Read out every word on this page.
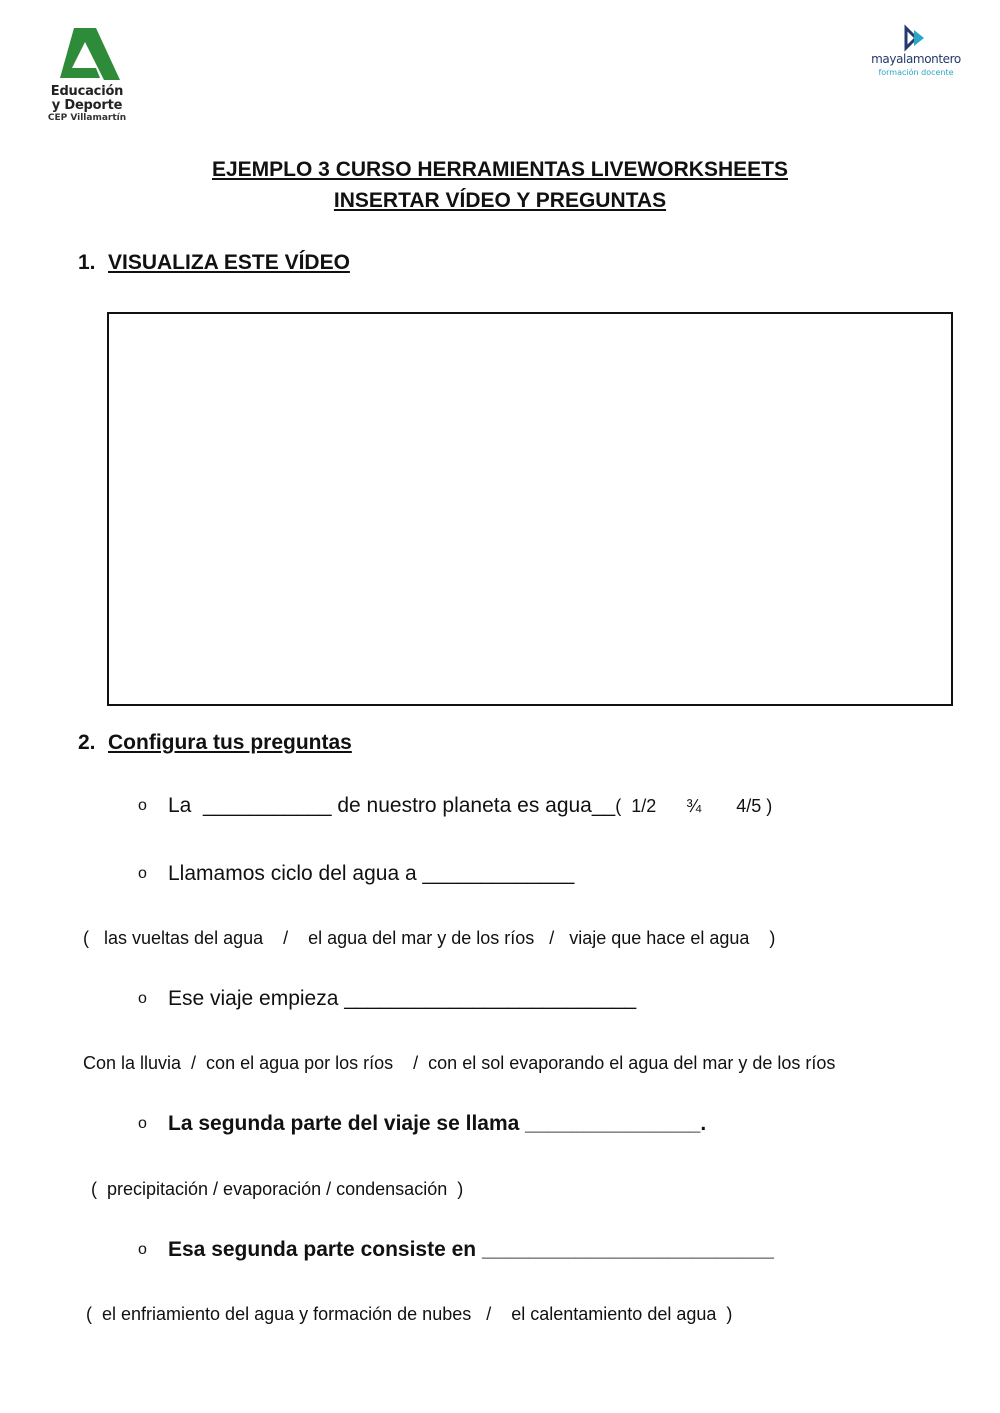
Educación
y Deporte
CEP Villamartín
mayalamontero
formación docente
EJEMPLO 3 CURSO HERRAMIENTAS LIVEWORKSHEETS
INSERTAR VÍDEO Y PREGUNTAS
1. VISUALIZA ESTE VÍDEO
2. Configura tus preguntas
o La  ___________ de nuestro planeta es agua__(  1/2      ¾       4/5 )
o Llamamos ciclo del agua a _____________
(   las vueltas del agua    /    el agua del mar y de los ríos   /   viaje que hace el agua    )
o Ese viaje empieza _________________________
Con la lluvia  /  con el agua por los ríos    /  con el sol evaporando el agua del mar y de los ríos
o La segunda parte del viaje se llama _______________.
(  precipitación / evaporación / condensación  )
o Esa segunda parte consiste en _________________________
(  el enfriamiento del agua y formación de nubes   /    el calentamiento del agua  )
